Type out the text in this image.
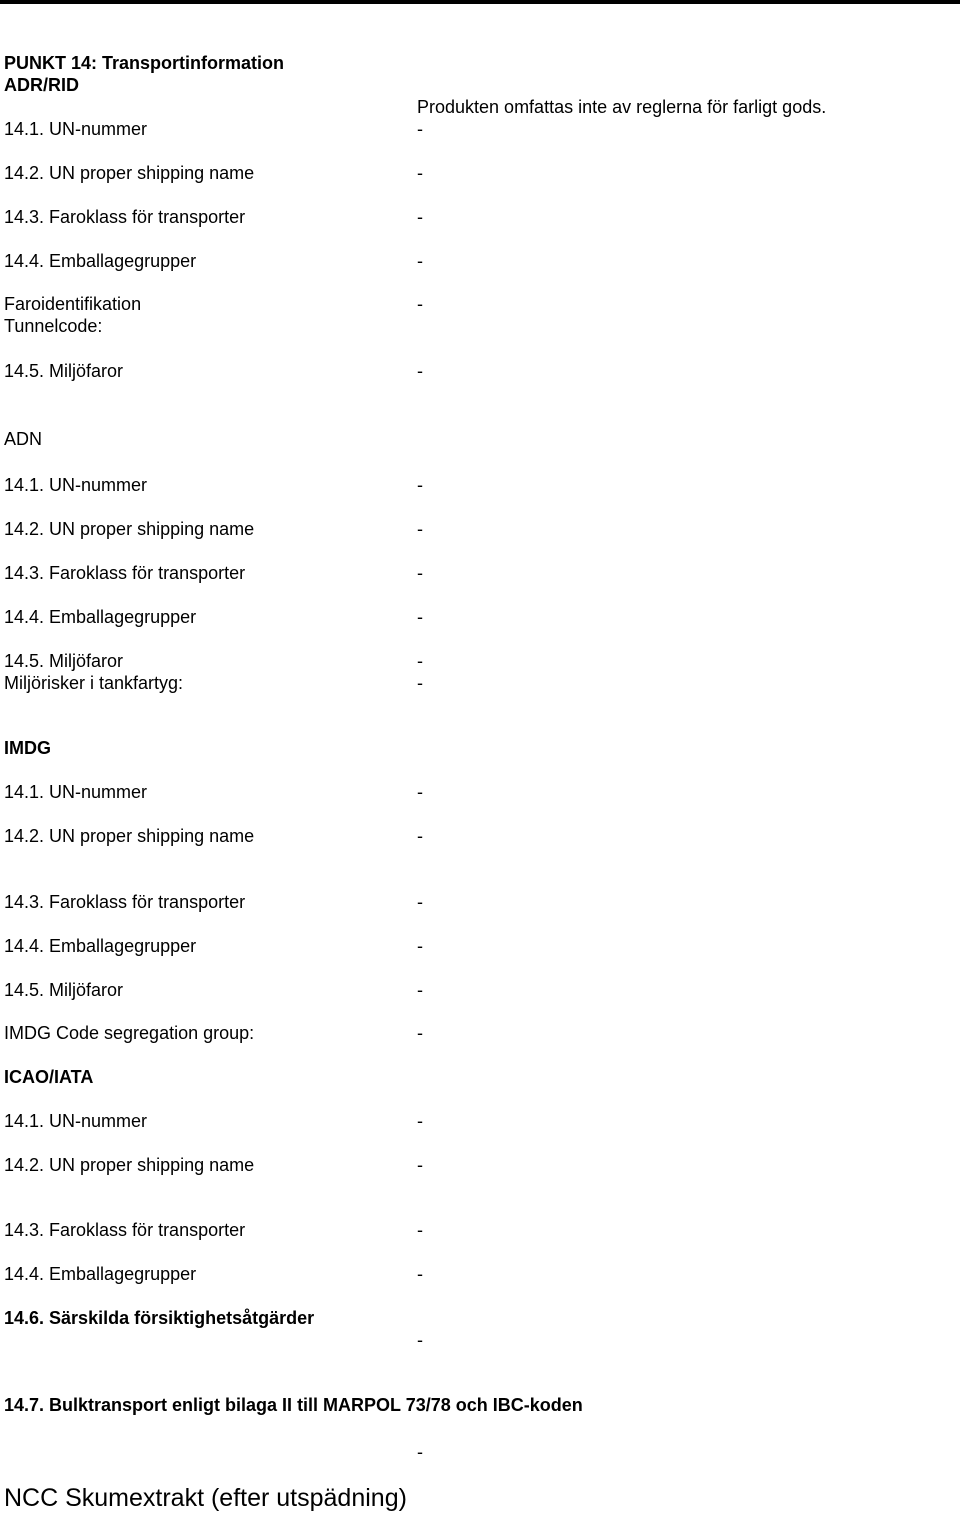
PUNKT 14: Transportinformation
ADR/RID
Produkten omfattas inte av reglerna för farligt gods.
14.1. UN-nummer	-
14.2. UN proper shipping name	-
14.3. Faroklass för transporter	-
14.4. Emballagegrupper	-
Faroidentifikation	-
Tunnelcode:
14.5. Miljöfaror	-
ADN
14.1. UN-nummer	-
14.2. UN proper shipping name	-
14.3. Faroklass för transporter	-
14.4. Emballagegrupper	-
14.5. Miljöfaror	-
Miljörisker i tankfartyg:	-
IMDG
14.1. UN-nummer	-
14.2. UN proper shipping name	-
14.3. Faroklass för transporter	-
14.4. Emballagegrupper	-
14.5. Miljöfaror	-
IMDG Code segregation group:	-
ICAO/IATA
14.1. UN-nummer	-
14.2. UN proper shipping name	-
14.3. Faroklass för transporter	-
14.4. Emballagegrupper	-
14.6. Särskilda försiktighetsåtgärder
-
14.7. Bulktransport enligt bilaga II till MARPOL 73/78 och IBC-koden
-
NCC Skumextrakt (efter utspädning)
